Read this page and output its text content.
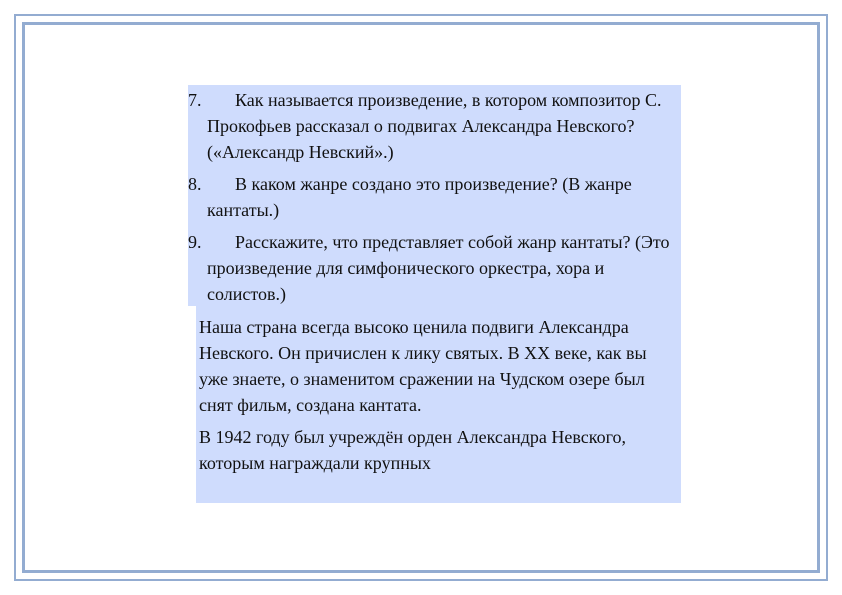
7.	Как называется произведение, в котором композитор С. Прокофьев рассказал о подвигах Александра Невского? («Александр Невский».)
8.	В каком жанре создано это произведение? (В жанре кантаты.)
9.	Расскажите, что представляет собой жанр кантаты? (Это произведение для симфонического оркестра, хора и солистов.)

Наша страна всегда высоко ценила подвиги Александра Невского. Он причислен к лику святых. В XX веке, как вы уже знаете, о знаменитом сражении на Чудском озере был снят фильм, создана кантата.

В 1942 году был учреждён орден Александра Невского, которым награждали крупных
